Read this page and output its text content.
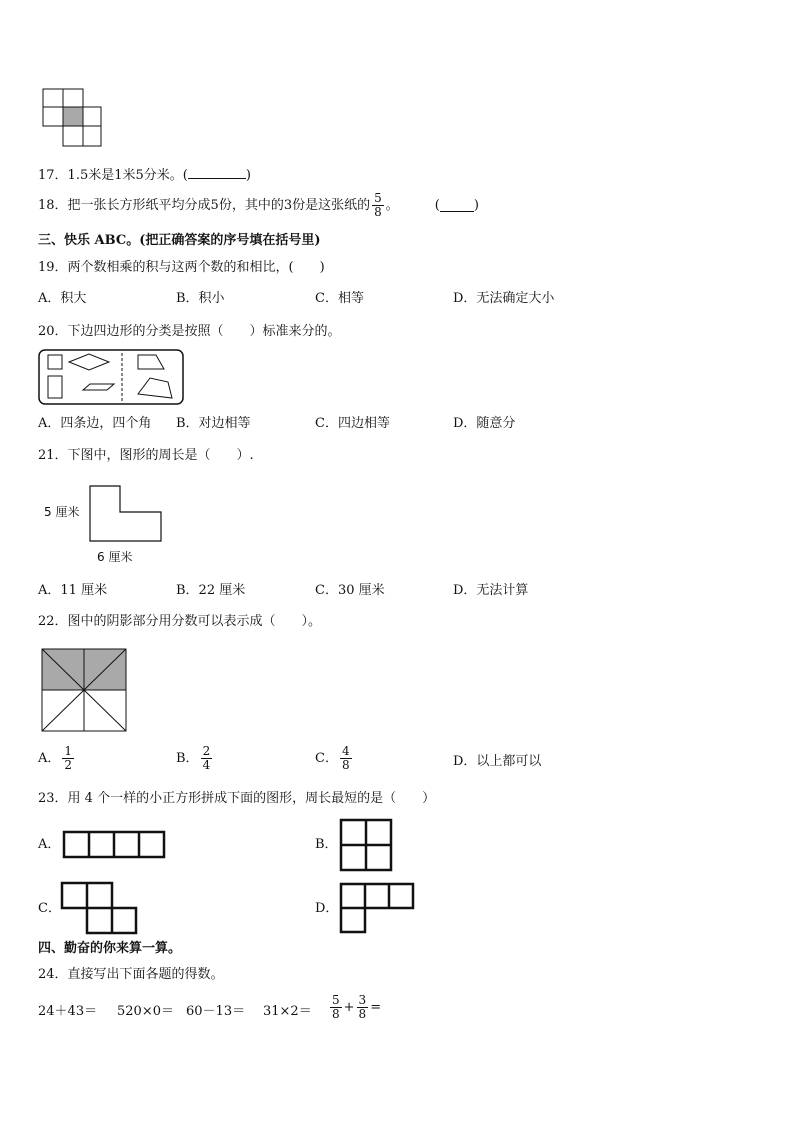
17．1.5米是1米5分米。(	)
18．把一张长方形纸平均分成5份，其中的3份是这张纸的 $\frac{5}{8}$ 。	(	)
三、快乐 ABC。(把正确答案的序号填在括号里)
19．两个数相乘的积与这两个数的和相比，(　　)
A．积大	B．积小	C．相等	D．无法确定大小
20．下边四边形的分类是按照（　　）标准来分的。
A．四条边，四个角 B．对边相等	C．四边相等	D．随意分
21．下图中，图形的周长是（　　）.
5 厘米
6 厘米
A．11 厘米	B．22 厘米	C．30 厘米	D．无法计算
22．图中的阴影部分用分数可以表示成（　　）。
A． $\frac{1}{2}$	B． $\frac{2}{4}$	C． $\frac{4}{8}$	D．以上都可以
23．用 4 个一样的小正方形拼成下面的图形，周长最短的是（　　）
A．	B．
C．	D．
四、勤奋的你来算一算。
24．直接写出下面各题的得数。
$24+43= 520\times 0= 60-13= 31\times 2= \frac{5}{8} + \frac{3}{8}$ =
